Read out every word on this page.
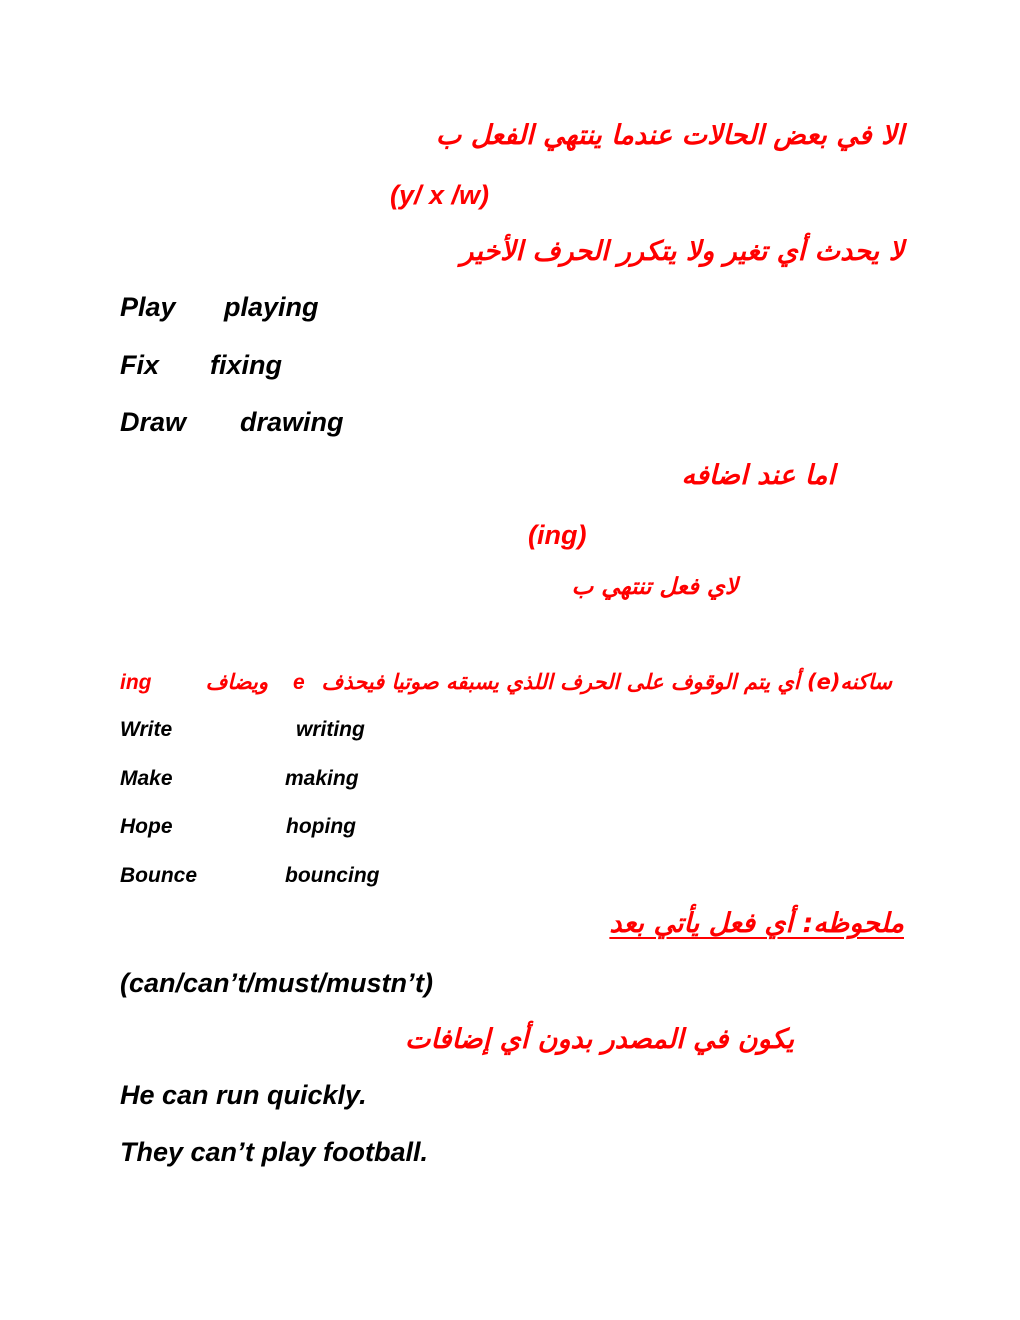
الا في بعض الحالات عندما ينتهي الفعل ب
(y/ x /w)
لا يحدث أي تغير ولا يتكرر الحرف الأخير
Play playing
Fix fixing
Draw drawing
اما عند اضافه
(ing)
لاي فعل تنتهي ب
ساكنه(e) أي يتم الوقوف على الحرف اللذي يسبقه صوتيا فيحذف
e
ويضاف
ing
Write	writing
Make	making
Hope	hoping
Bounce	bouncing
ملحوظه: أي فعل يأتي بعد
(can/can’t/must/mustn’t)
يكون في المصدر بدون أي إضافات
He can run quickly.
They can’t play football.
